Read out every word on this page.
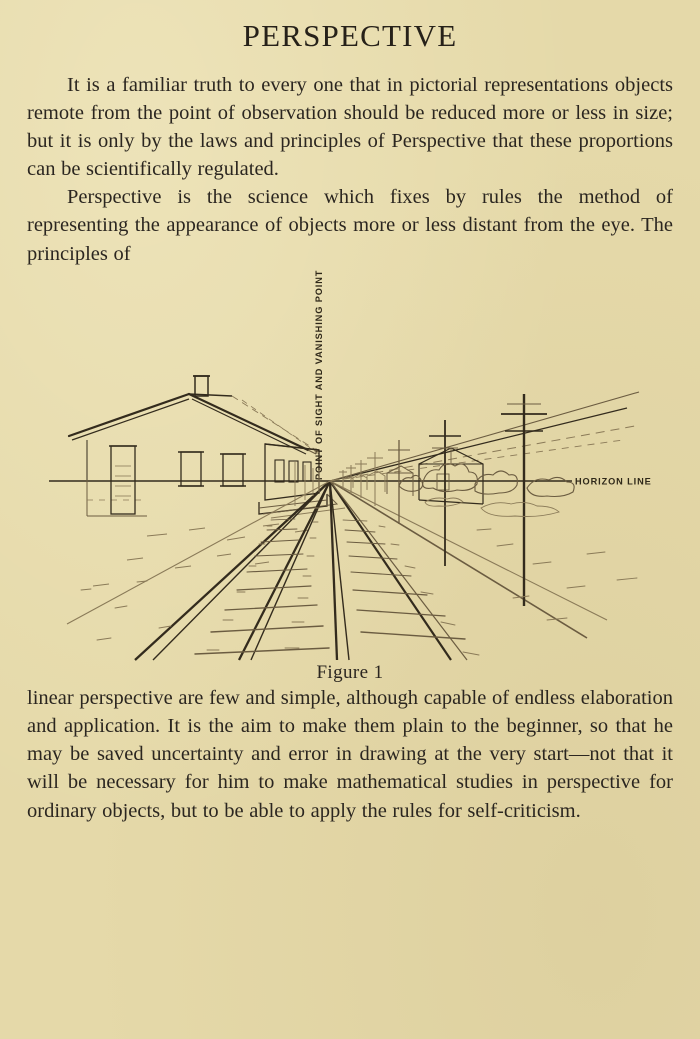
PERSPECTIVE

It is a familiar truth to every one that in pictorial representations objects remote from the point of observation should be reduced more or less in size; but it is only by the laws and principles of Perspective that these proportions can be scientifically regulated.

Perspective is the science which fixes by rules the method of representing the appearance of objects more or less distant from the eye. The principles of

POINT OF SIGHT AND VANISHING POINT
HORIZON LINE
Figure 1

linear perspective are few and simple, although capable of endless elaboration and application. It is the aim to make them plain to the beginner, so that he may be saved uncertainty and error in drawing at the very start—not that it will be necessary for him to make mathematical studies in perspective for ordinary objects, but to be able to apply the rules for self-criticism.
